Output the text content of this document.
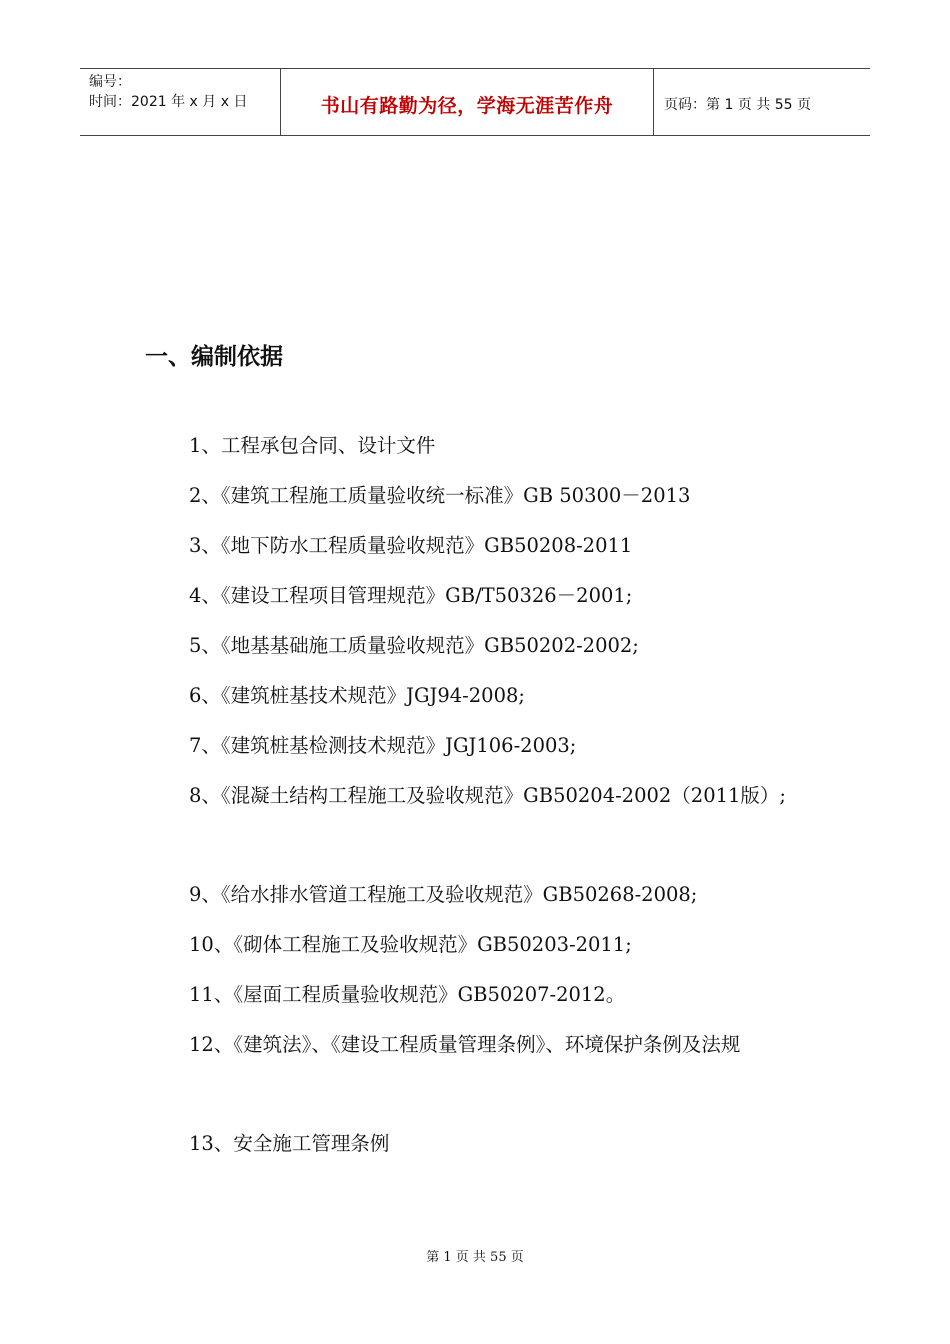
编号：
时间：2021 年 x 月 x 日	书山有路勤为径，学海无涯苦作舟	页码：第 1 页 共 55 页
一、编制依据

1、工程承包合同、设计文件

2、《建筑工程施工质量验收统一标准》GB 50300－2013

3、《地下防水工程质量验收规范》GB50208-2011

4、《建设工程项目管理规范》GB/T50326－2001;

5、《地基基础施工质量验收规范》GB50202-2002;

6、《建筑桩基技术规范》JGJ94-2008;

7、《建筑桩基检测技术规范》JGJ106-2003;

8、《混凝土结构工程施工及验收规范》GB50204-2002（2011版）;

9、《给水排水管道工程施工及验收规范》GB50268-2008;

10、《砌体工程施工及验收规范》GB50203-2011;

11、《屋面工程质量验收规范》GB50207-2012。

12、《建筑法》、《建设工程质量管理条例》、环境保护条例及法规

13、安全施工管理条例

第 1 页 共 55 页
